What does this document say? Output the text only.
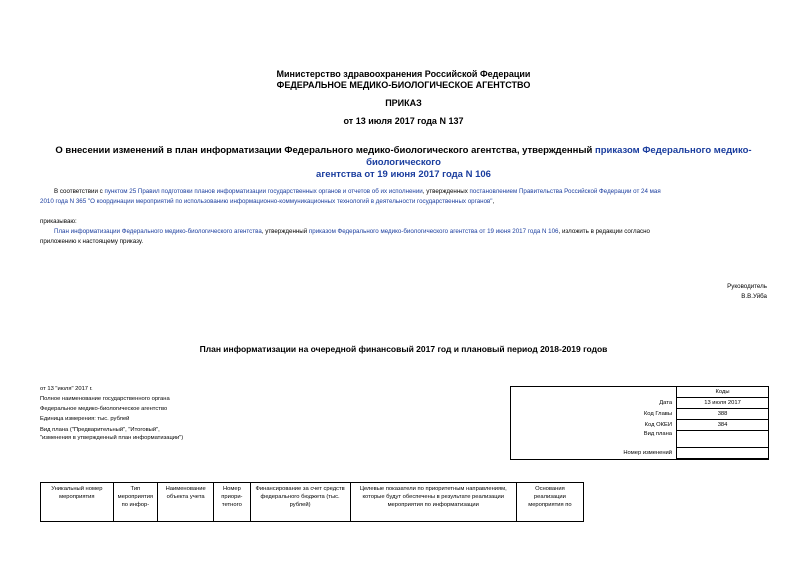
Министерство здравоохранения Российской Федерации
ФЕДЕРАЛЬНОЕ МЕДИКО-БИОЛОГИЧЕСКОЕ АГЕНТСТВО
ПРИКАЗ
от 13 июля 2017 года N 137
О внесении изменений в план информатизации Федерального медико-биологического агентства, утвержденный приказом Федерального медико-биологического
агентства от 19 июня 2017 года N 106
В соответствии с пунктом 25 Правил подготовки планов информатизации государственных органов и отчетов об их исполнении, утвержденных постановлением Правительства Российской Федерации от 24 мая
2010 года N 365 "О координации мероприятий по использованию информационно-коммуникационных технологий в деятельности государственных органов",
приказываю:
План информатизации Федерального медико-биологического агентства, утвержденный приказом Федерального медико-биологического агентства от 19 июня 2017 года N 106, изложить в редакции согласно
приложению к настоящему приказу.
Руководитель
В.В.Уйба
План информатизации на очередной финансовый 2017 год и плановый период 2018-2019 годов
от 13 "июля" 2017 г.
Полное наименование государственного органа
Федеральное медико-биологическое агентство
Единица измерения: тыс. рублей
Вид плана ("Предварительный", "Итоговый",
"изменения в утвержденный план информатизации")
	Коды
Дата	13 июля 2017
Код Главы	388
Код ОКЕИ	384
Вид плана	
Номер изменений	
Уникальный номер мероприятия	Тип мероприятия по инфор-	Наименование объекта учета	Номер приори-тетного	Финансирование за счет средств федерального бюджета (тыс. рублей)	Целевые показатели по приоритетным направлениям, которые будут обеспечены в результате реализации мероприятия по информатизации	Основания реализации мероприятия по
